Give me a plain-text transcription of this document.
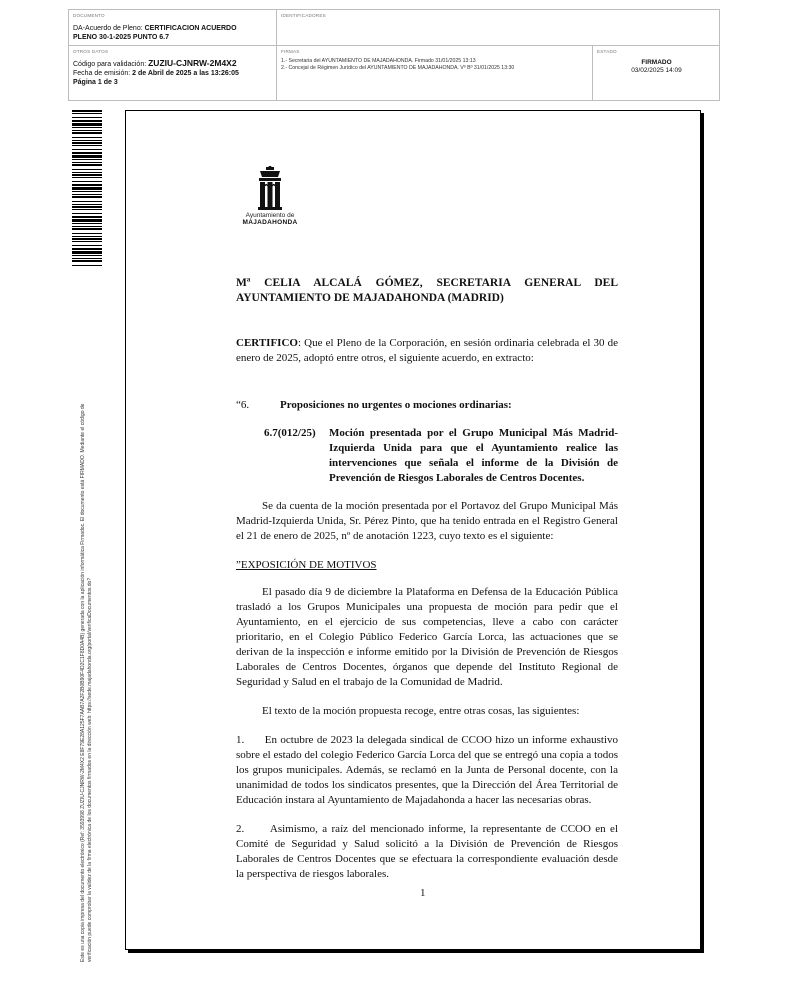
DOCUMENTO
DA-Acuerdo de Pleno: CERTIFICACION ACUERDO
PLENO 30-1-2025 PUNTO 6.7
IDENTIFICADORES
OTROS DATOS
Código para validación: ZUZIU-CJNRW-2M4X2
Fecha de emisión: 2 de Abril de 2025 a las 13:26:05
Página 1 de 3
FIRMAS
1.- Secretaria del AYUNTAMIENTO DE MAJADAHONDA. Firmado 31/01/2025 13:13
2.- Concejal de Régimen Jurídico del AYUNTAMIENTO DE MAJADAHONDA. Vº Bº 31/01/2025 13:30
ESTADO
FIRMADO
03/02/2025 14:09
Este es una copia impresa del documento electrónico (Ref: 3593998 ZUZIU-CJNRW-2M4X2 E8F79E28A125F7AAB7A2F2B0B90F4D2C1F8D0A4B) generada con la aplicación informática Firmadoc. El documento está FIRMADO. Mediante el código de verificación puede comprobar la validez de la firma electrónica de los documentos firmados en la dirección web: https://sede.majadahonda.org/portal/verificaDocumentos.do?
Ayuntamiento de
MAJADAHONDA

Mª CELIA ALCALÁ GÓMEZ, SECRETARIA GENERAL DEL AYUNTAMIENTO DE MAJADAHONDA (MADRID)

CERTIFICO: Que el Pleno de la Corporación, en sesión ordinaria celebrada el 30 de enero de 2025, adoptó entre otros, el siguiente acuerdo, en extracto:

“6.	Proposiciones no urgentes o mociones ordinarias:
6.7(012/25)	Moción presentada por el Grupo Municipal Más Madrid-Izquierda Unida para que el Ayuntamiento realice las intervenciones que señala el informe de la División de Prevención de Riesgos Laborales de Centros Docentes.

Se da cuenta de la moción presentada por el Portavoz del Grupo Municipal Más Madrid-Izquierda Unida, Sr. Pérez Pinto, que ha tenido entrada en el Registro General el 21 de enero de 2025, nº de anotación 1223, cuyo texto es el siguiente:

”EXPOSICIÓN DE MOTIVOS

El pasado día 9 de diciembre la Plataforma en Defensa de la Educación Pública trasladó a los Grupos Municipales una propuesta de moción para pedir que el Ayuntamiento, en el ejercicio de sus competencias, lleve a cabo con carácter prioritario, en el Colegio Público Federico García Lorca, las actuaciones que se derivan de la inspección e informe emitido por la División de Prevención de Riesgos Laborales de Centros Docentes, órganos que depende del Instituto Regional de Seguridad y Salud en el trabajo de la Comunidad de Madrid.

El texto de la moción propuesta recoge, entre otras cosas, las siguientes:

1.      En octubre de 2023 la delegada sindical de CCOO hizo un informe exhaustivo sobre el estado del colegio Federico García Lorca del que se entregó una copia a todos los grupos municipales. Además, se reclamó en la Junta de Personal docente, con la unanimidad de todos los sindicatos presentes, que la Dirección del Área Territorial de Educación instara al Ayuntamiento de Majadahonda a hacer las necesarias obras.

2.      Asimismo, a raíz del mencionado informe, la representante de CCOO en el Comité de Seguridad y Salud solicitó a la División de Prevención de Riesgos Laborales de Centros Docentes que se efectuara la correspondiente evaluación desde la perspectiva de riesgos laborales.

1
